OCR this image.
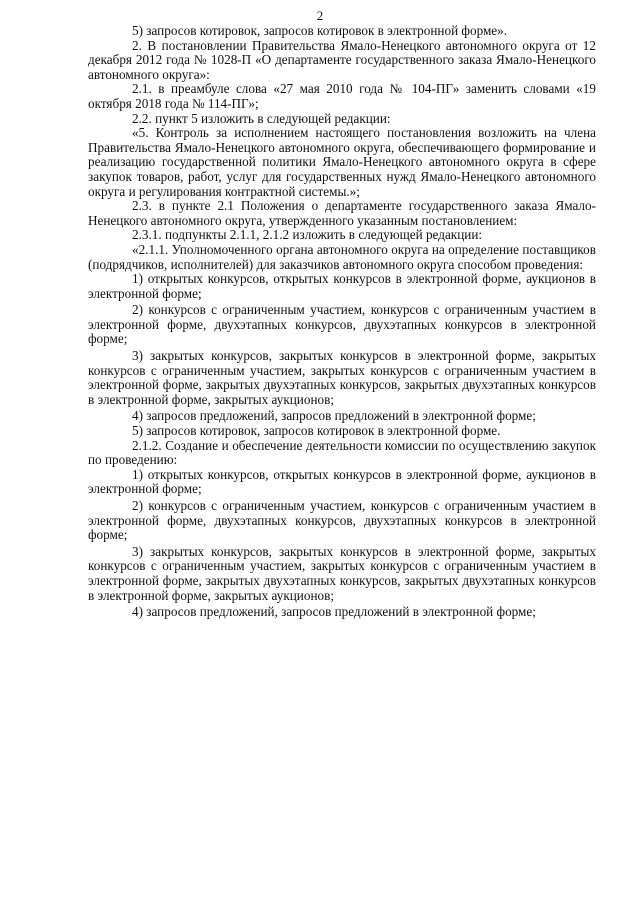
2

5) запросов котировок, запросов котировок в электронной форме».

2. В постановлении Правительства Ямало-Ненецкого автономного округа от 12 декабря 2012 года № 1028-П «О департаменте государственного заказа Ямало-Ненецкого автономного округа»:

2.1. в преамбуле слова «27 мая 2010 года № 104-ПГ» заменить словами «19 октября 2018 года № 114-ПГ»;

2.2. пункт 5 изложить в следующей редакции:

«5. Контроль за исполнением настоящего постановления возложить на члена Правительства Ямало-Ненецкого автономного округа, обеспечивающего формирование и реализацию государственной политики Ямало-Ненецкого автономного округа в сфере закупок товаров, работ, услуг для государственных нужд Ямало-Ненецкого автономного округа и регулирования контрактной системы.»;

2.3. в пункте 2.1 Положения о департаменте государственного заказа Ямало-Ненецкого автономного округа, утвержденного указанным постановлением:

2.3.1. подпункты 2.1.1, 2.1.2 изложить в следующей редакции:

«2.1.1. Уполномоченного органа автономного округа на определение поставщиков (подрядчиков, исполнителей) для заказчиков автономного округа способом проведения:

1) открытых конкурсов, открытых конкурсов в электронной форме, аукционов в электронной форме;

2) конкурсов с ограниченным участием, конкурсов с ограниченным участием в электронной форме, двухэтапных конкурсов, двухэтапных конкурсов в электронной форме;

3) закрытых конкурсов, закрытых конкурсов в электронной форме, закрытых конкурсов с ограниченным участием, закрытых конкурсов с ограниченным участием в электронной форме, закрытых двухэтапных конкурсов, закрытых двухэтапных конкурсов в электронной форме, закрытых аукционов;

4) запросов предложений, запросов предложений в электронной форме;

5) запросов котировок, запросов котировок в электронной форме.

2.1.2. Создание и обеспечение деятельности комиссии по осуществлению закупок по проведению:

1) открытых конкурсов, открытых конкурсов в электронной форме, аукционов в электронной форме;

2) конкурсов с ограниченным участием, конкурсов с ограниченным участием в электронной форме, двухэтапных конкурсов, двухэтапных конкурсов в электронной форме;

3) закрытых конкурсов, закрытых конкурсов в электронной форме, закрытых конкурсов с ограниченным участием, закрытых конкурсов с ограниченным участием в электронной форме, закрытых двухэтапных конкурсов, закрытых двухэтапных конкурсов в электронной форме, закрытых аукционов;

4) запросов предложений, запросов предложений в электронной форме;
